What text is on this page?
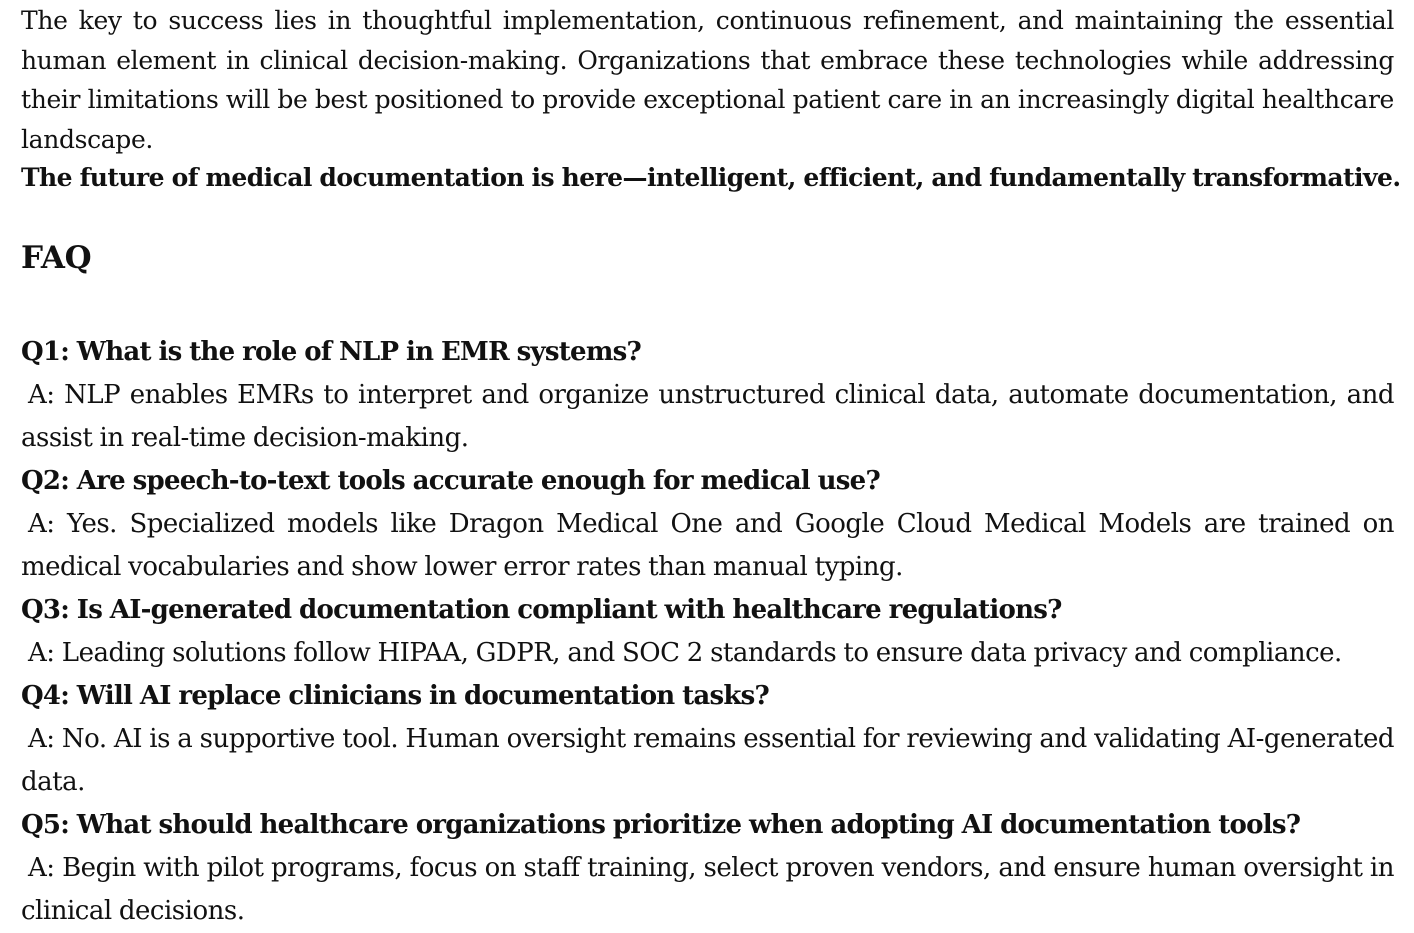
The key to success lies in thoughtful implementation, continuous refinement, and maintaining the essential human element in clinical decision-making. Organizations that embrace these technologies while addressing their limitations will be best positioned to provide exceptional patient care in an increasingly digital healthcare landscape.

The future of medical documentation is here—intelligent, efficient, and fundamentally transformative.

FAQ

Q1: What is the role of NLP in EMR systems?

A: NLP enables EMRs to interpret and organize unstructured clinical data, automate documentation, and assist in real-time decision-making.

Q2: Are speech-to-text tools accurate enough for medical use?

A: Yes. Specialized models like Dragon Medical One and Google Cloud Medical Models are trained on medical vocabularies and show lower error rates than manual typing.

Q3: Is AI-generated documentation compliant with healthcare regulations?

A: Leading solutions follow HIPAA, GDPR, and SOC 2 standards to ensure data privacy and compliance.

Q4: Will AI replace clinicians in documentation tasks?

A: No. AI is a supportive tool. Human oversight remains essential for reviewing and validating AI-generated data.

Q5: What should healthcare organizations prioritize when adopting AI documentation tools?

A: Begin with pilot programs, focus on staff training, select proven vendors, and ensure human oversight in clinical decisions.
